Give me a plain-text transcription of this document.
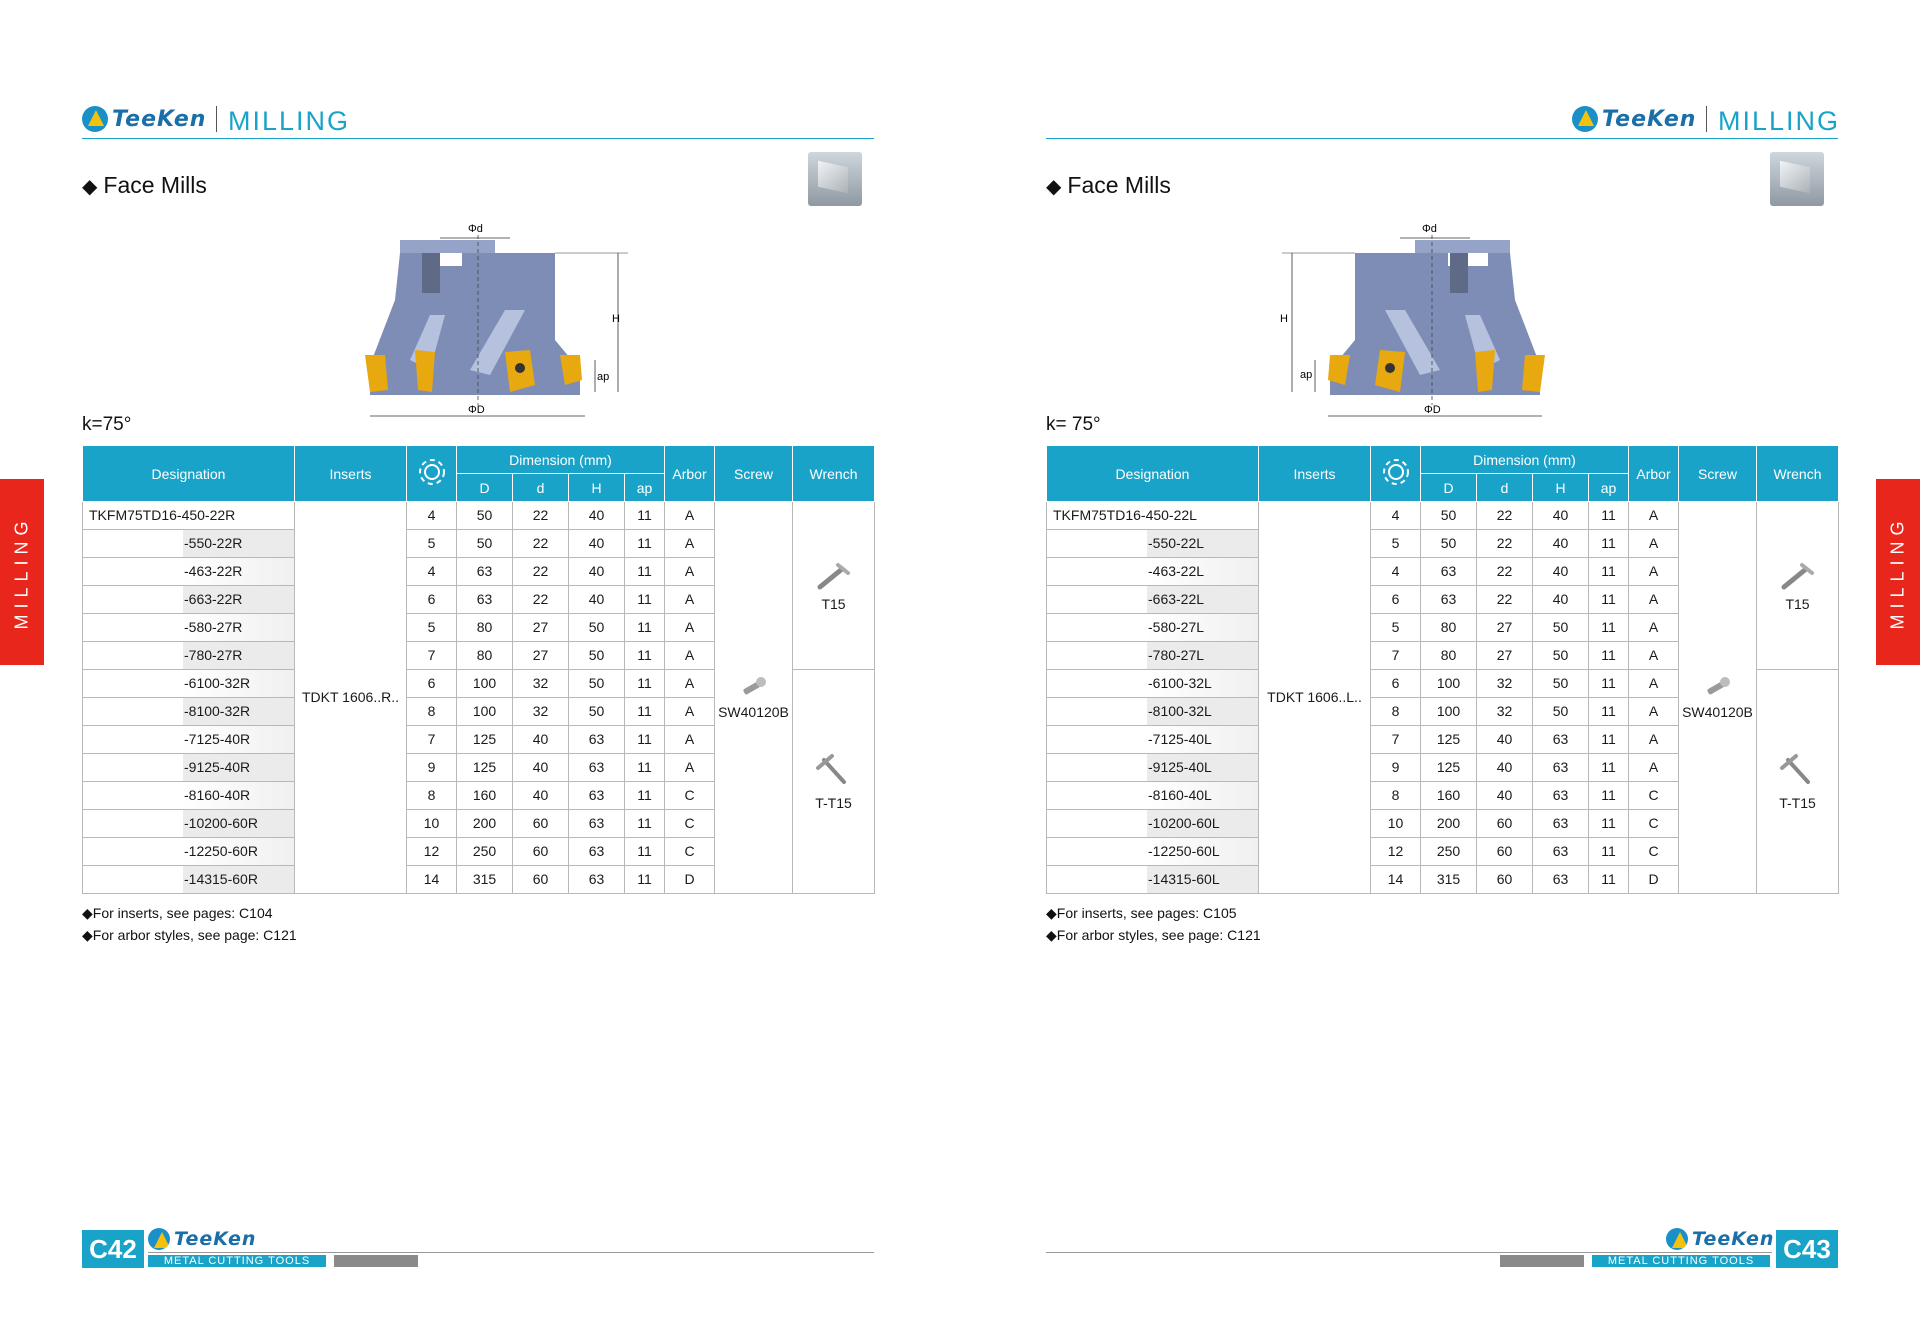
TeeKen MILLING
◆ Face Mills
Φd
H
ap
ΦD
k=75°
Designation	Inserts		Dimension (mm)				Arbor	Screw	Wrench
			D	d	H	ap			
TKFM75TD16-450-22R	TDKT 1606..R..	4	50	22	40	11	A	SW40120B	T15

-550-22R		5	50	22	40	11	A		

-463-22R		4	63	22	40	11	A		

-663-22R		6	63	22	40	11	A		

-580-27R		5	80	27	50	11	A		

-780-27R		7	80	27	50	11	A		

-6100-32R		6	100	32	50	11	A		T-T15

-8100-32R		8	100	32	50	11	A		

-7125-40R		7	125	40	63	11	A		

-9125-40R		9	125	40	63	11	A		

-8160-40R		8	160	40	63	11	C		

-10200-60R		10	200	60	63	11	C		

-12250-60R		12	250	60	63	11	C		

-14315-60R		14	315	60	63	11	D		
◆For inserts, see pages: C104
◆For arbor styles, see page: C121
MILLING
C42	TeeKen
METAL CUTTING TOOLS
TeeKen MILLING
◆ Face Mills
Φd
H
ap
ΦD
k= 75°
Designation	Inserts		Dimension (mm)				Arbor	Screw	Wrench
			D	d	H	ap			
TKFM75TD16-450-22L	TDKT 1606..L..	4	50	22	40	11	A	SW40120B	T15

-550-22L		5	50	22	40	11	A		

-463-22L		4	63	22	40	11	A		

-663-22L		6	63	22	40	11	A		

-580-27L		5	80	27	50	11	A		

-780-27L		7	80	27	50	11	A		

-6100-32L		6	100	32	50	11	A		T-T15

-8100-32L		8	100	32	50	11	A		

-7125-40L		7	125	40	63	11	A		

-9125-40L		9	125	40	63	11	A		

-8160-40L		8	160	40	63	11	C		

-10200-60L		10	200	60	63	11	C		

-12250-60L		12	250	60	63	11	C		

-14315-60L		14	315	60	63	11	D		
◆For inserts, see pages: C105
◆For arbor styles, see page: C121
MILLING
TeeKen
METAL CUTTING TOOLS	C43
